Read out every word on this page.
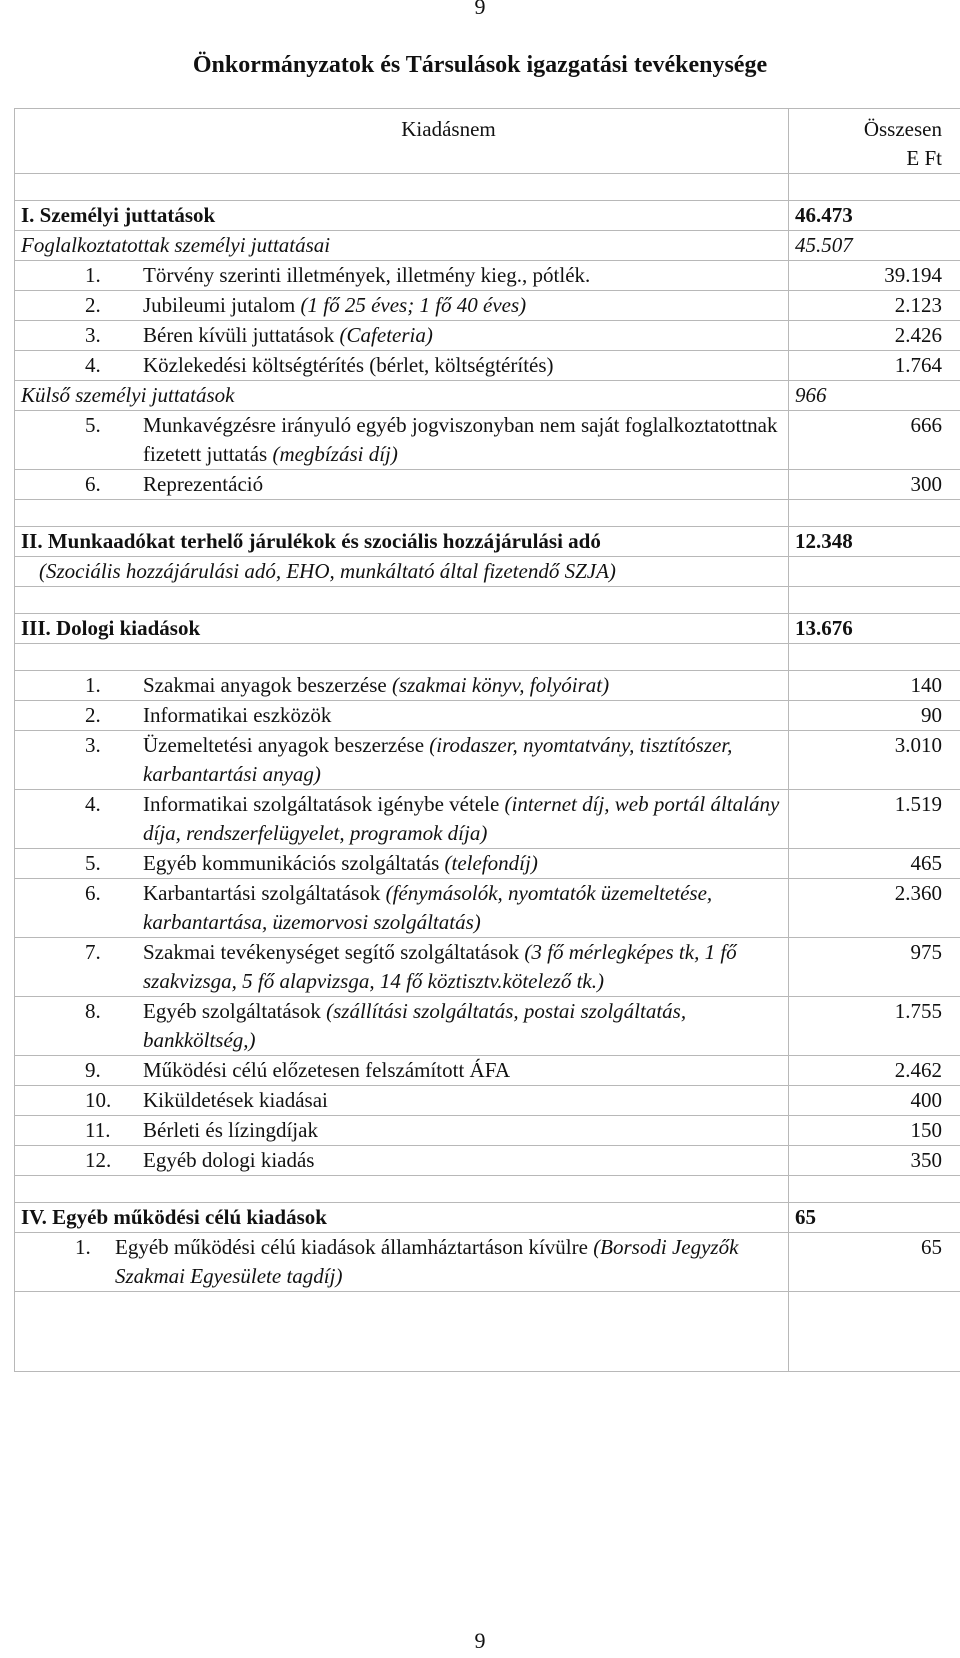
9
Önkormányzatok és Társulások igazgatási tevékenysége
Kiadásnem	Összesen
E Ft

I. Személyi juttatások	46.473
Foglalkoztatottak személyi juttatásai	45.507

1. Törvény szerinti illetmények, illetmény kieg., pótlék.	39.194

2. Jubileumi jutalom (1 fő 25 éves; 1 fő 40 éves)	2.123

3. Béren kívüli juttatások (Cafeteria)	2.426

4. Közlekedési költségtérítés (bérlet, költségtérítés)	1.764
Külső személyi juttatások	966

5. Munkavégzésre irányuló egyéb jogviszonyban nem saját foglalkoztatottnak fizetett juttatás (megbízási díj)	666

6. Reprezentáció	300

II. Munkaadókat terhelő járulékok és szociális hozzájárulási adó	12.348
(Szociális hozzájárulási adó, EHO, munkáltató által fizetendő SZJA)	

III. Dologi kiadások	13.676

1. Szakmai anyagok beszerzése (szakmai könyv, folyóirat)	140

2. Informatikai eszközök	90

3. Üzemeltetési anyagok beszerzése (irodaszer, nyomtatvány, tisztítószer, karbantartási anyag)	3.010

4. Informatikai szolgáltatások igénybe vétele (internet díj, web portál általány díja, rendszerfelügyelet, programok díja)	1.519

5. Egyéb kommunikációs szolgáltatás (telefondíj)	465

6. Karbantartási szolgáltatások (fénymásolók, nyomtatók üzemeltetése, karbantartása, üzemorvosi szolgáltatás)	2.360

7. Szakmai tevékenységet segítő szolgáltatások (3 fő mérlegképes tk, 1 fő szakvizsga, 5 fő alapvizsga, 14 fő köztisztv.kötelező tk.)	975

8. Egyéb szolgáltatások (szállítási szolgáltatás, postai szolgáltatás, bankköltség,)	1.755

9. Működési célú előzetesen felszámított ÁFA	2.462

10. Kiküldetések kiadásai	400

11. Bérleti és lízingdíjak	150

12. Egyéb dologi kiadás	350

IV. Egyéb működési célú kiadások	65

1. Egyéb működési célú kiadások államháztartáson kívülre (Borsodi Jegyzők Szakmai Egyesülete tagdíj)	65

9
